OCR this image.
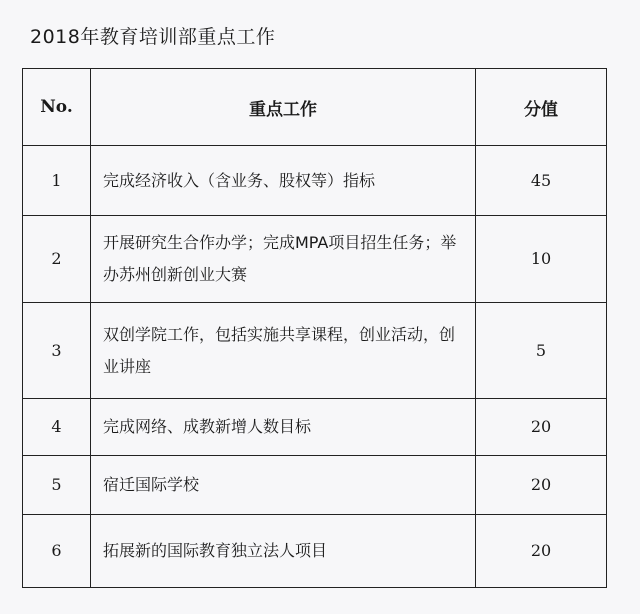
2018年教育培训部重点工作
No.	重点工作	分值
1	完成经济收入（含业务、股权等）指标	45
2	开展研究生合作办学；完成MPA项目招生任务；举办苏州创新创业大赛	10
3	双创学院工作，包括实施共享课程，创业活动，创业讲座	5
4	完成网络、成教新增人数目标	20
5	宿迁国际学校	20
6	拓展新的国际教育独立法人项目	20
